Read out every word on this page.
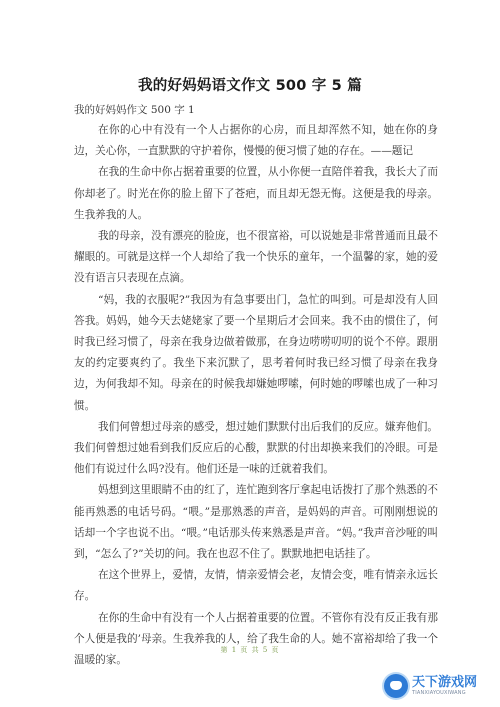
我的好妈妈语文作文 500 字 5 篇

我的好妈妈作文 500 字 1

在你的心中有没有一个人占据你的心房，而且却浑然不知，她在你的身边，关心你，一直默默的守护着你，慢慢的便习惯了她的存在。——题记

在我的生命中你占据着重要的位置，从小你便一直陪伴着我，我长大了而你却老了。时光在你的脸上留下了苍疤，而且却无怨无悔。这便是我的母亲。生我养我的人。

我的母亲，没有漂亮的脸庞，也不很富裕，可以说她是非常普通而且最不耀眼的。可就是这样一个人却给了我一个快乐的童年，一个温馨的家，她的爱没有语言只表现在点滴。

“妈，我的衣服呢?”我因为有急事要出门，急忙的叫到。可是却没有人回答我。妈妈，她今天去姥姥家了要一个星期后才会回来。我不由的惯住了，何时我已经习惯了，母亲在我身边做着做那，在身边唠唠叨叨的说个不停。跟朋友的约定要爽约了。我坐下来沉默了，思考着何时我已经习惯了母亲在我身边，为何我却不知。母亲在的时候我却嫌她啰嗦，何时她的啰嗦也成了一种习惯。

我们何曾想过母亲的感受，想过她们默默付出后我们的反应。嫌弃他们。我们何曾想过她看到我们反应后的心酸，默默的付出却换来我们的冷眼。可是他们有说过什么吗?没有。他们还是一味的迁就着我们。

妈想到这里眼睛不由的红了，连忙跑到客厅拿起电话拨打了那个熟悉的不能再熟悉的电话号码。“喂。”是那熟悉的声音，是妈妈的声音。可刚刚想说的话却一个字也说不出。“喂。”电话那头传来熟悉是声音。“妈。”我声音沙哑的叫到，“怎么了?”关切的问。我在也忍不住了。默默地把电话挂了。

在这个世界上，爱情，友情，情亲爱情会老，友情会变，唯有情亲永远长存。

在你的生命中有没有一个人占据着重要的位置。不管你有没有反正我有那个人便是我的’母亲。生我养我的人，给了我生命的人。她不富裕却给了我一个温暖的家。

第 1 页 共 5 页
天下游戏网
TIANXIAYOUXIWANG
